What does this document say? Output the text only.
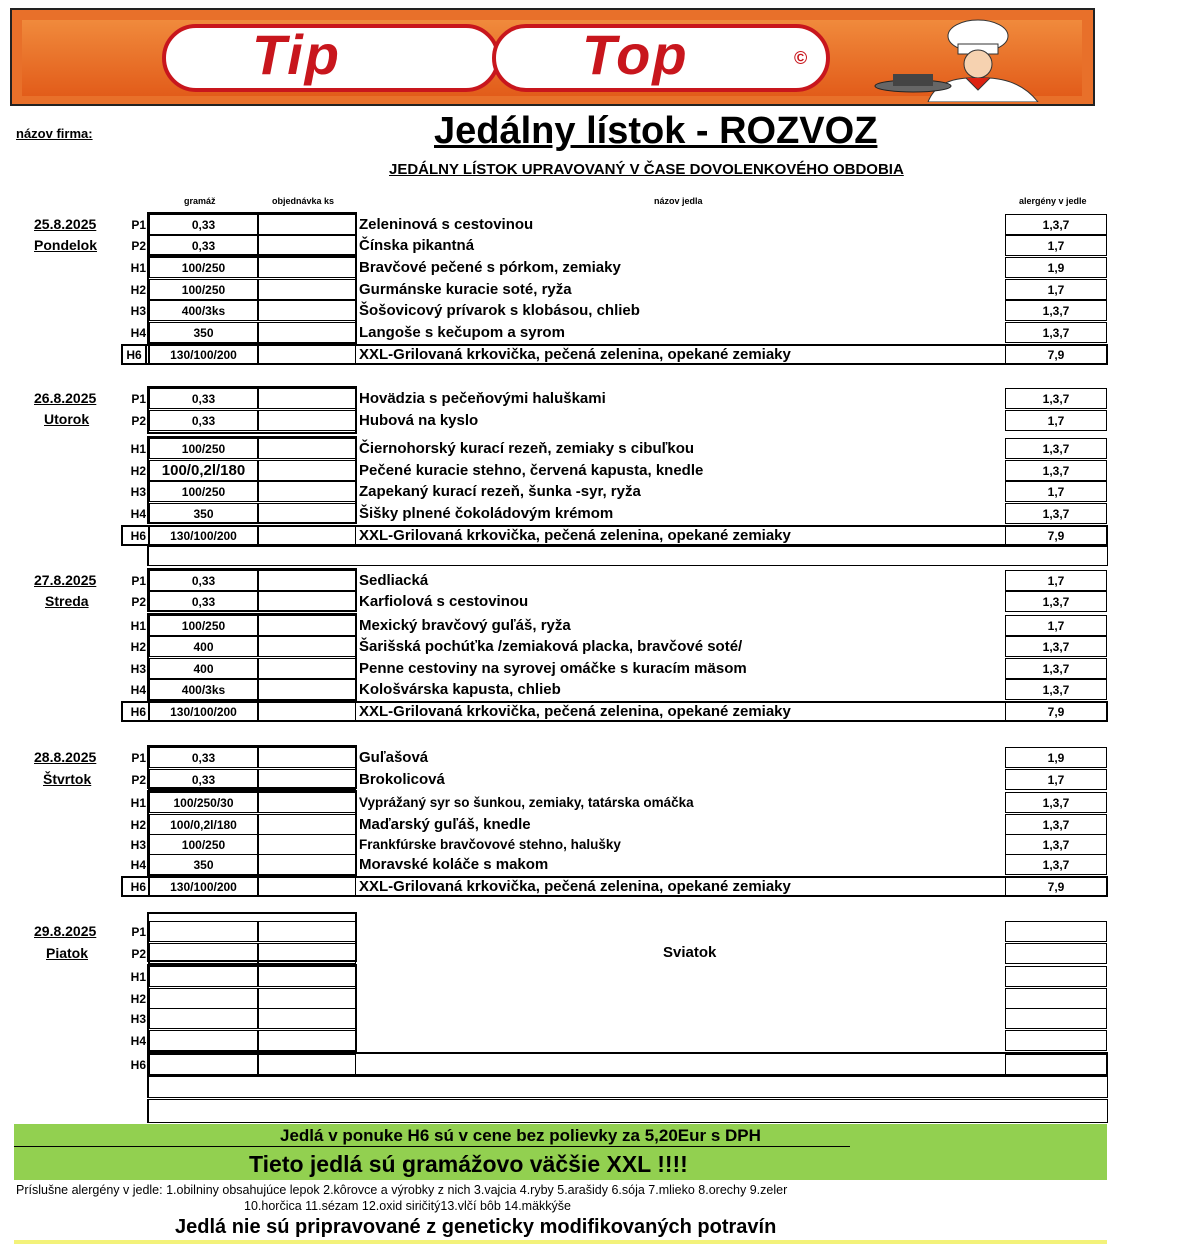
Tip	Top	©
názov firma:	Jedálny lístok - ROZVOZ
JEDÁLNY LÍSTOK UPRAVOVANÝ V ČASE DOVOLENKOVÉHO OBDOBIA
gramáž	objednávka ks	názov jedla	alergény v jedle
25.8.2025
Pondelok
P1	0,33	Zeleninová s cestovinou	1,3,7
P2	0,33	Čínska pikantná	1,7
H1	100/250	Bravčové pečené s pórkom, zemiaky	1,9
H2	100/250	Gurmánske kuracie soté, ryža	1,7
H3	400/3ks	Šošovicový prívarok s klobásou, chlieb	1,3,7
H4	350	Langoše s kečupom a syrom	1,3,7
H6	130/100/200	XXL-Grilovaná krkovička, pečená zelenina, opekané zemiaky	7,9
26.8.2025
Utorok
P1	0,33	Hovädzia s pečeňovými haluškami	1,3,7
P2	0,33	Hubová na kyslo	1,7
H1	100/250	Čiernohorský kurací rezeň, zemiaky s cibuľkou	1,3,7
H2	100/0,2l/180	Pečené kuracie stehno, červená kapusta, knedle	1,3,7
H3	100/250	Zapekaný kurací rezeň, šunka -syr, ryža	1,7
H4	350	Šišky plnené čokoládovým krémom	1,3,7
H6	130/100/200	XXL-Grilovaná krkovička, pečená zelenina, opekané zemiaky	7,9
27.8.2025
Streda
P1	0,33	Sedliacká	1,7
P2	0,33	Karfiolová s cestovinou	1,3,7
H1	100/250	Mexický bravčový guľáš, ryža	1,7
H2	400	Šarišská pochúťka /zemiaková placka, bravčové soté/	1,3,7
H3	400	Penne cestoviny na syrovej omáčke s kuracím mäsom	1,3,7
H4	400/3ks	Kološvárska kapusta, chlieb	1,3,7
H6	130/100/200	XXL-Grilovaná krkovička, pečená zelenina, opekané zemiaky	7,9
28.8.2025
Štvrtok
P1	0,33	Guľašová	1,9
P2	0,33	Brokolicová	1,7
H1	100/250/30	Vyprážaný syr so šunkou, zemiaky, tatárska omáčka	1,3,7
H2	100/0,2l/180	Maďarský guľáš, knedle	1,3,7
H3	100/250	Frankfúrske bravčovové stehno, halušky	1,3,7
H4	350	Moravské koláče s makom	1,3,7
H6	130/100/200	XXL-Grilovaná krkovička, pečená zelenina, opekané zemiaky	7,9
29.8.2025
Piatok
P1
P2
H1
H2
H3
H4
H6
Sviatok
Jedlá v ponuke H6 sú v cene bez polievky za 5,20Eur s DPH
Tieto jedlá sú gramážovo väčšie XXL !!!!
Príslušne alergény v jedle: 1.obilniny obsahujúce lepok 2.kôrovce a výrobky z nich 3.vajcia 4.ryby 5.arašidy 6.sója 7.mlieko 8.orechy 9.zeler
10.horčica 11.sézam 12.oxid siričitý13.vlčí bôb 14.mäkkýše
Jedlá nie sú pripravované z geneticky modifikovaných potravín
